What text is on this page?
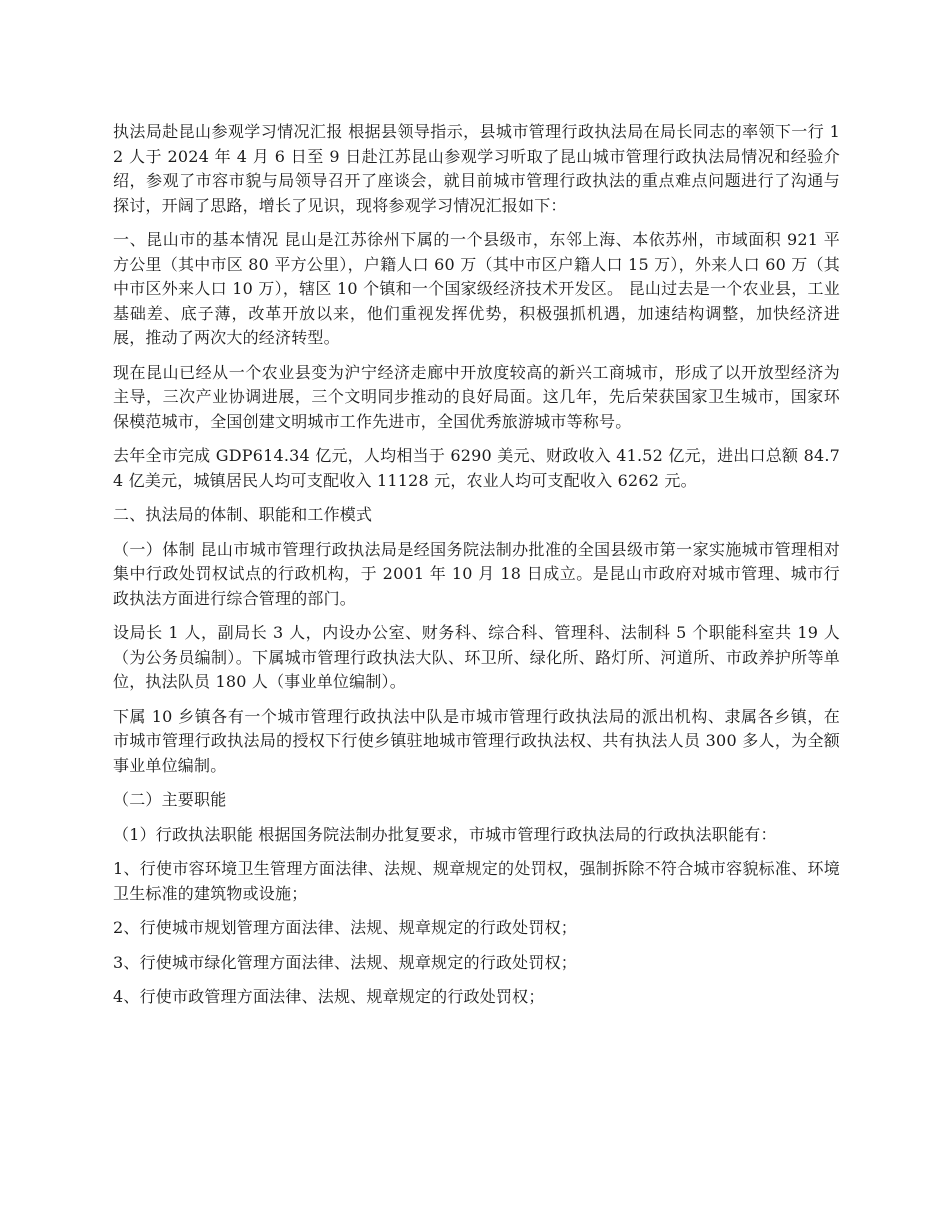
执法局赴昆山参观学习情况汇报 根据县领导指示，县城市管理行政执法局在局长同志的率领下一行 12 人于 2024 年 4 月 6 日至 9 日赴江苏昆山参观学习听取了昆山城市管理行政执法局情况和经验介绍，参观了市容市貌与局领导召开了座谈会，就目前城市管理行政执法的重点难点问题进行了沟通与探讨，开阔了思路，增长了见识，现将参观学习情况汇报如下：

一、昆山市的基本情况 昆山是江苏徐州下属的一个县级市，东邻上海、本依苏州，市域面积 921 平方公里（其中市区 80 平方公里），户籍人口 60 万（其中市区户籍人口 15 万），外来人口 60 万（其中市区外来人口 10 万），辖区 10 个镇和一个国家级经济技术开发区。 昆山过去是一个农业县，工业基础差、底子薄，改革开放以来，他们重视发挥优势，积极强抓机遇，加速结构调整，加快经济进展，推动了两次大的经济转型。

现在昆山已经从一个农业县变为沪宁经济走廊中开放度较高的新兴工商城市，形成了以开放型经济为主导，三次产业协调进展，三个文明同步推动的良好局面。这几年，先后荣获国家卫生城市，国家环保模范城市，全国创建文明城市工作先进市，全国优秀旅游城市等称号。

去年全市完成 GDP614.34 亿元，人均相当于 6290 美元、财政收入 41.52 亿元，进出口总额 84.74 亿美元，城镇居民人均可支配收入 11128 元，农业人均可支配收入 6262 元。

二、执法局的体制、职能和工作模式

（一）体制 昆山市城市管理行政执法局是经国务院法制办批准的全国县级市第一家实施城市管理相对集中行政处罚权试点的行政机构，于 2001 年 10 月 18 日成立。是昆山市政府对城市管理、城市行政执法方面进行综合管理的部门。

设局长 1 人，副局长 3 人，内设办公室、财务科、综合科、管理科、法制科 5 个职能科室共 19 人（为公务员编制）。下属城市管理行政执法大队、环卫所、绿化所、路灯所、河道所、市政养护所等单位，执法队员 180 人（事业单位编制）。

下属 10 乡镇各有一个城市管理行政执法中队是市城市管理行政执法局的派出机构、隶属各乡镇，在市城市管理行政执法局的授权下行使乡镇驻地城市管理行政执法权、共有执法人员 300 多人，为全额事业单位编制。

（二）主要职能

（1）行政执法职能 根据国务院法制办批复要求，市城市管理行政执法局的行政执法职能有：

1、行使市容环境卫生管理方面法律、法规、规章规定的处罚权，强制拆除不符合城市容貌标准、环境卫生标准的建筑物或设施；

2、行使城市规划管理方面法律、法规、规章规定的行政处罚权；

3、行使城市绿化管理方面法律、法规、规章规定的行政处罚权；

4、行使市政管理方面法律、法规、规章规定的行政处罚权；
